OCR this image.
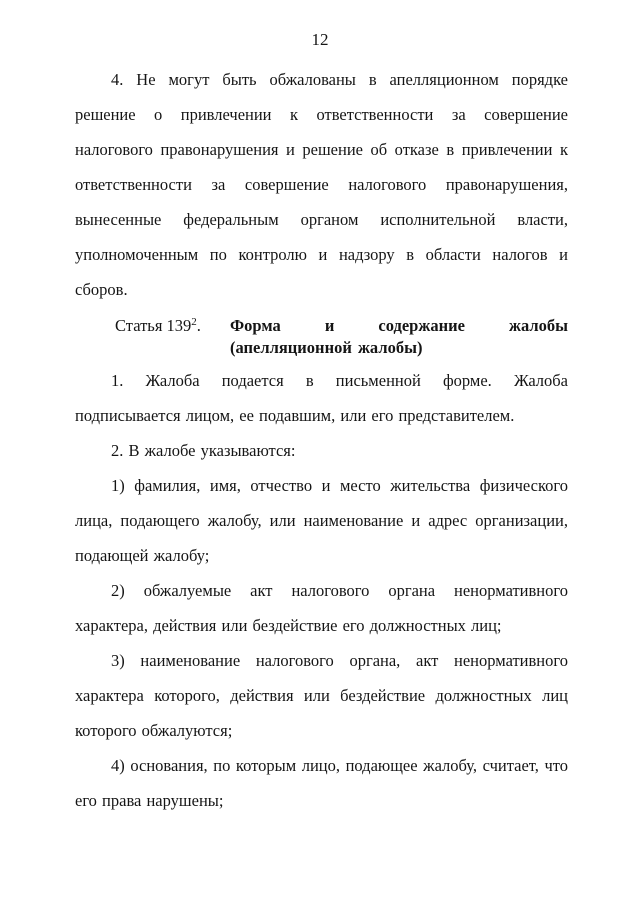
12

4. Не могут быть обжалованы в апелляционном порядке решение о привлечении к ответственности за совершение налогового правонарушения и решение об отказе в привлечении к ответственности за совершение налогового правонарушения, вынесенные федеральным органом исполнительной власти, уполномоченным по контролю и надзору в области налогов и сборов.

Статья $139^2$. Форма и содержание жалобы (апелляционной жалобы)

1. Жалоба подается в письменной форме. Жалоба подписывается лицом, ее подавшим, или его представителем.

2. В жалобе указываются:

1) фамилия, имя, отчество и место жительства физического лица, подающего жалобу, или наименование и адрес организации, подающей жалобу;

2) обжалуемые акт налогового органа ненормативного характера, действия или бездействие его должностных лиц;

3) наименование налогового органа, акт ненормативного характера которого, действия или бездействие должностных лиц которого обжалуются;

4) основания, по которым лицо, подающее жалобу, считает, что его права нарушены;
